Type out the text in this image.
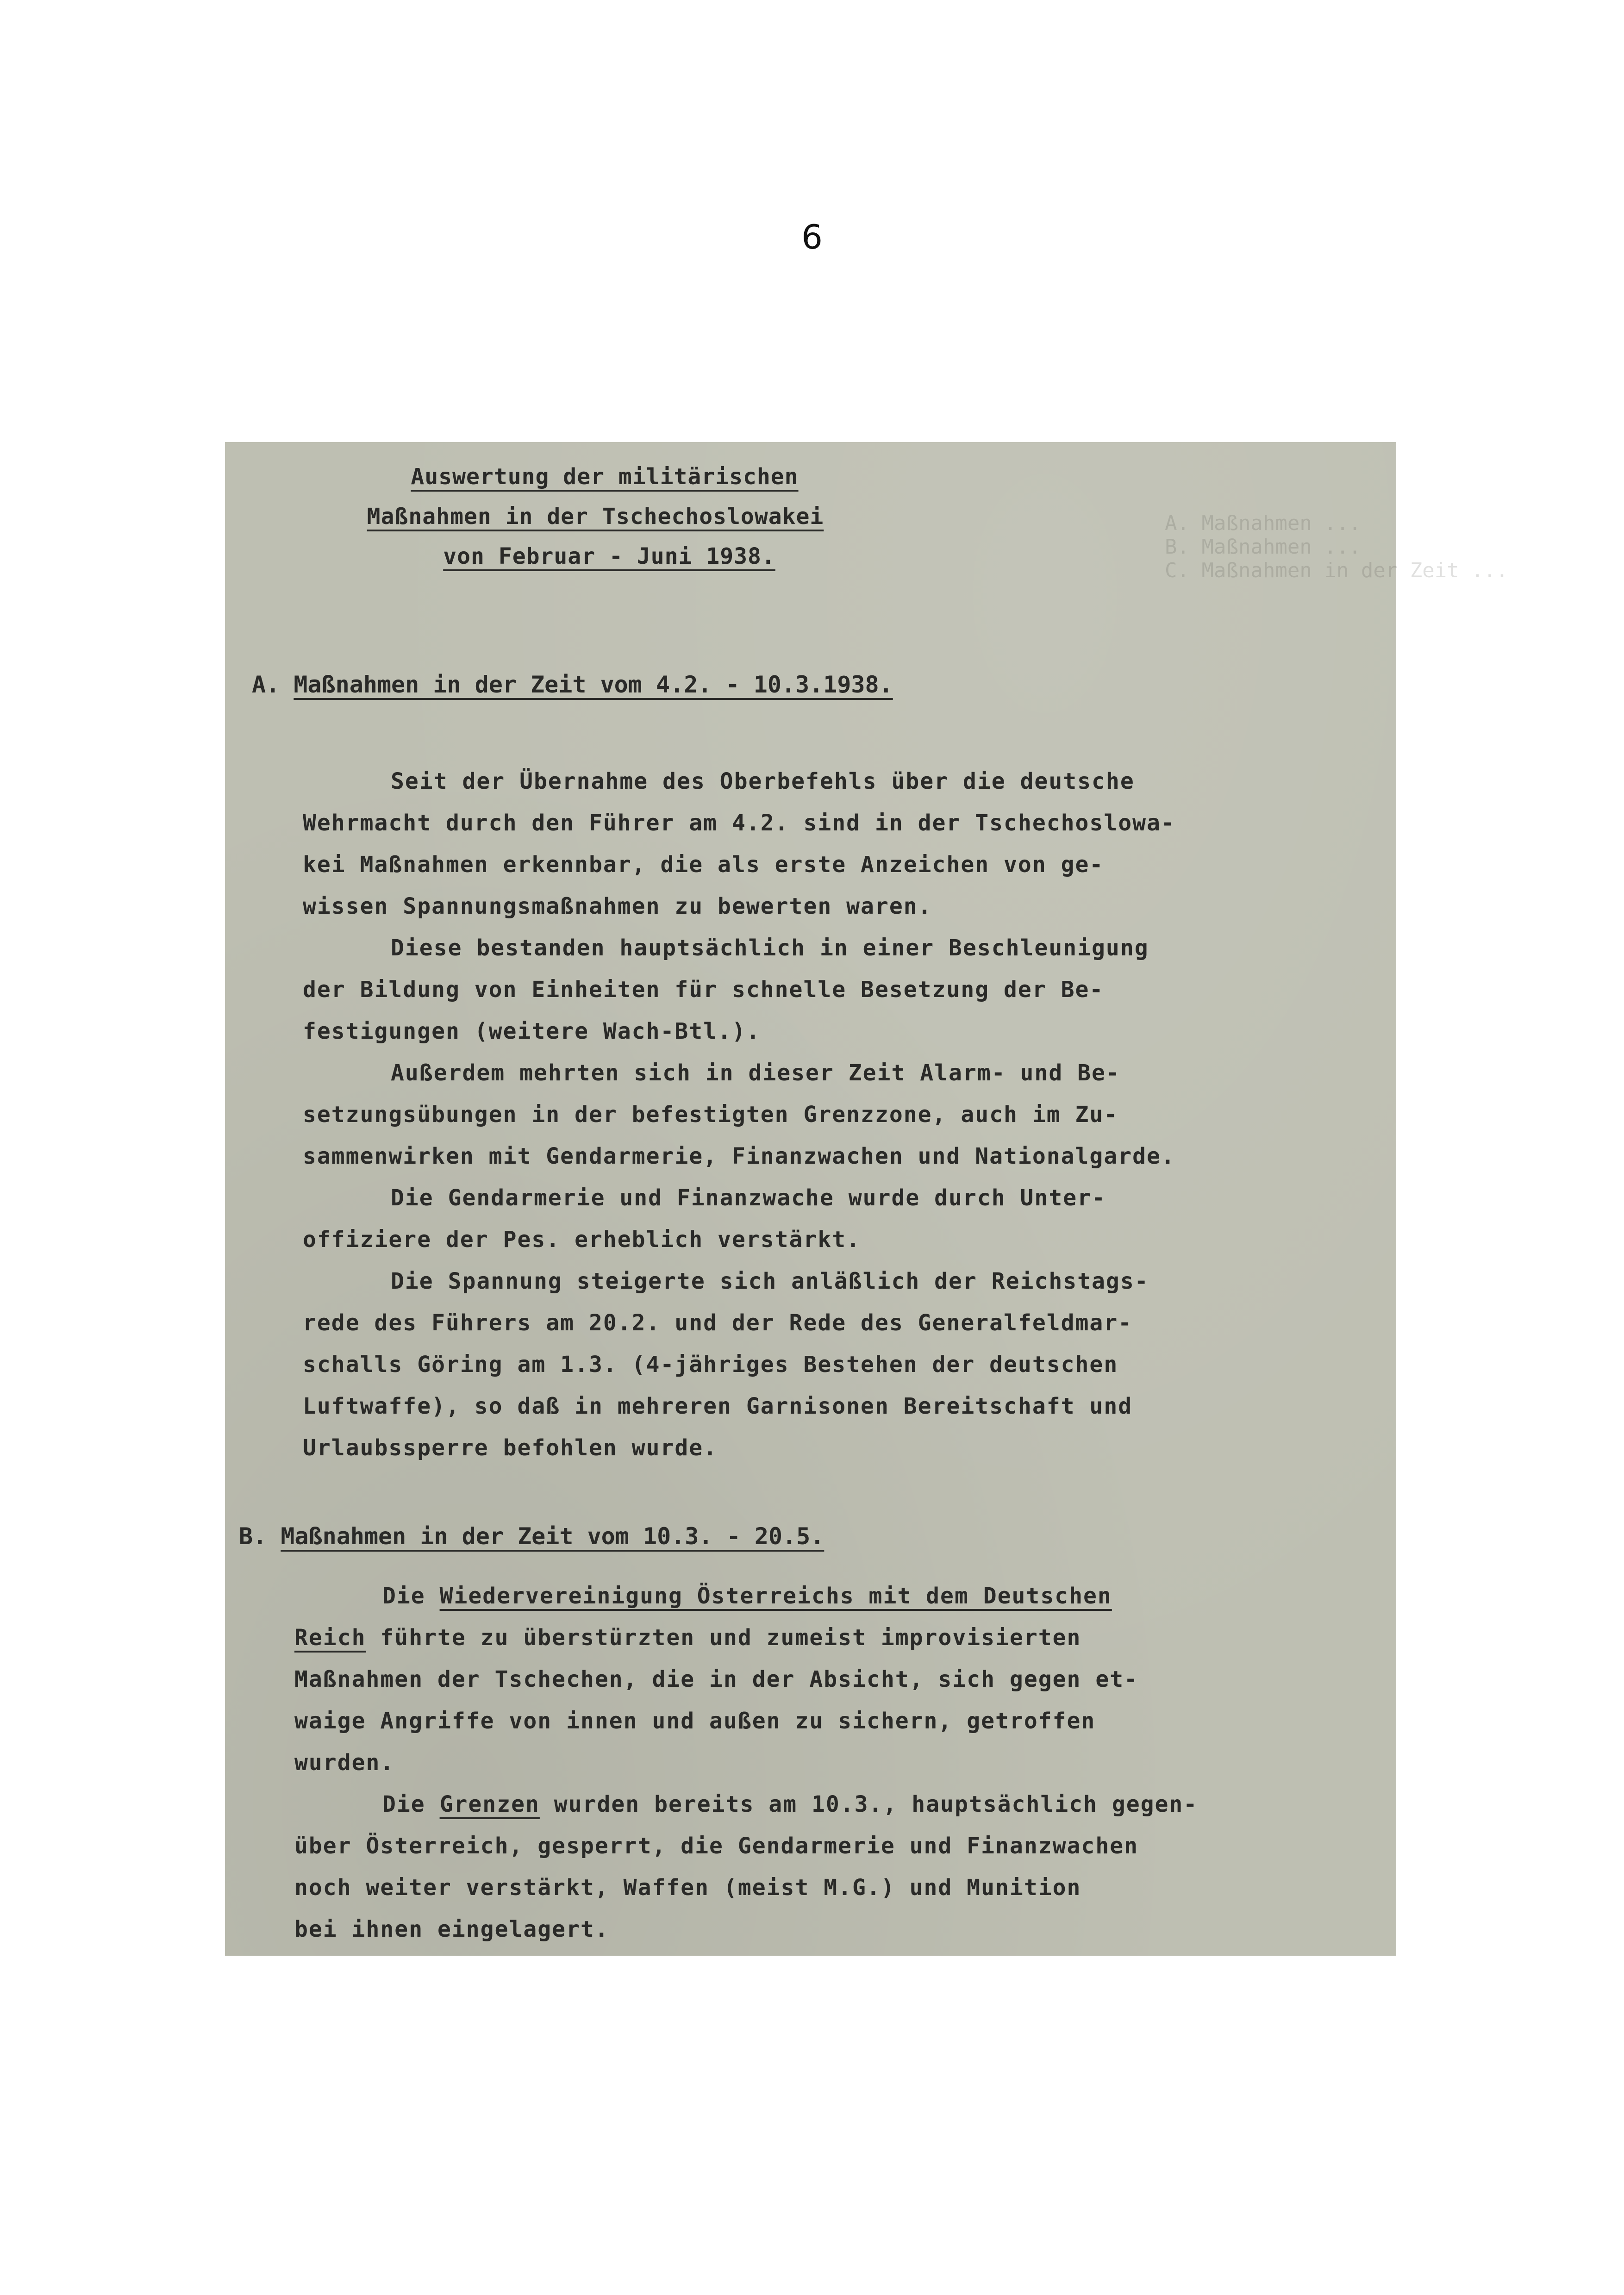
6
A. Maßnahmen ...
B. Maßnahmen ...
C. Maßnahmen in der Zeit ...
Auswertung der militärischen
Maßnahmen in der Tschechoslowakei
von Februar - Juni 1938.
A. Maßnahmen in der Zeit vom 4.2. - 10.3.1938.
Seit der Übernahme des Oberbefehls über die deutsche
Wehrmacht durch den Führer am 4.2. sind in der Tschechoslowa-
kei Maßnahmen erkennbar, die als erste Anzeichen von ge-
wissen Spannungsmaßnahmen zu bewerten waren.
Diese bestanden hauptsächlich in einer Beschleunigung
der Bildung von Einheiten für schnelle Besetzung der Be-
festigungen (weitere Wach-Btl.).
Außerdem mehrten sich in dieser Zeit Alarm- und Be-
setzungsübungen in der befestigten Grenzzone, auch im Zu-
sammenwirken mit Gendarmerie, Finanzwachen und Nationalgarde.
Die Gendarmerie und Finanzwache wurde durch Unter-
offiziere der Pes. erheblich verstärkt.
Die Spannung steigerte sich anläßlich der Reichstags-
rede des Führers am 20.2. und der Rede des Generalfeldmar-
schalls Göring am 1.3. (4-jähriges Bestehen der deutschen
Luftwaffe), so daß in mehreren Garnisonen Bereitschaft und
Urlaubssperre befohlen wurde.
B. Maßnahmen in der Zeit vom 10.3. - 20.5.
Die Wiedervereinigung Österreichs mit dem Deutschen
Reich führte zu überstürzten und zumeist improvisierten
Maßnahmen der Tschechen, die in der Absicht, sich gegen et-
waige Angriffe von innen und außen zu sichern, getroffen
wurden.
Die Grenzen wurden bereits am 10.3., hauptsächlich gegen-
über Österreich, gesperrt, die Gendarmerie und Finanzwachen
noch weiter verstärkt, Waffen (meist M.G.) und Munition
bei ihnen eingelagert.
